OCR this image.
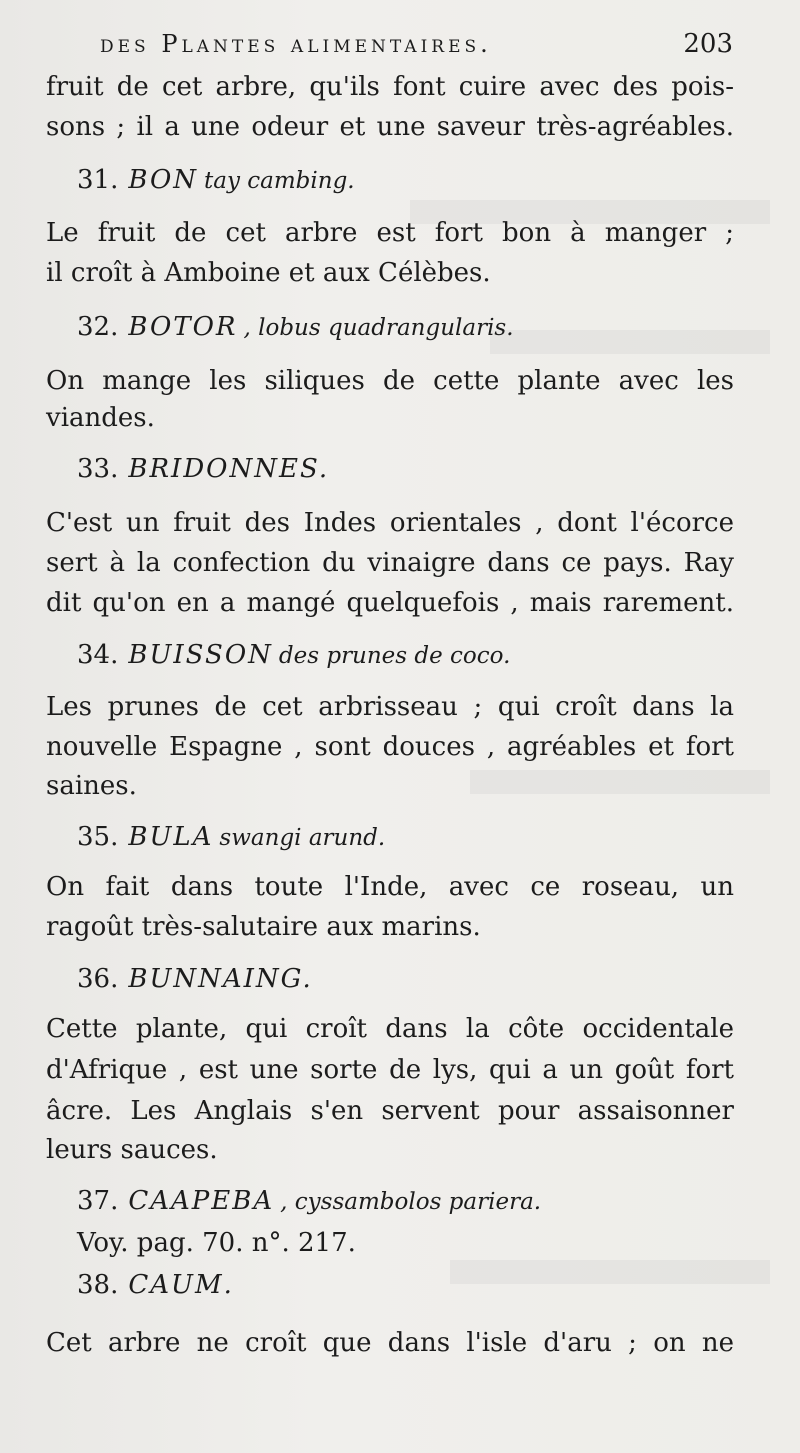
des Plantes alimentaires.	203
fruit de cet arbre, qu'ils font cuire avec des pois-
sons ; il a une odeur et une saveur très-agréables.
31. BON tay cambing.
Le fruit de cet arbre est fort bon à manger ;
il croît à Amboine et aux Célèbes.
32. BOTOR , lobus quadrangularis.
On mange les siliques de cette plante avec les
viandes.
33. BRIDONNES.
C'est un fruit des Indes orientales , dont l'écorce
sert à la confection du vinaigre dans ce pays. Ray
dit qu'on en a mangé quelquefois , mais rarement.
34. BUISSON des prunes de coco.
Les prunes de cet arbrisseau ; qui croît dans la
nouvelle Espagne , sont douces , agréables et fort
saines.
35. BULA swangi arund.
On fait dans toute l'Inde, avec ce roseau, un
ragoût très-salutaire aux marins.
36. BUNNAING.
Cette plante, qui croît dans la côte occidentale
d'Afrique , est une sorte de lys, qui a un goût fort
âcre. Les Anglais s'en servent pour assaisonner
leurs sauces.
37. CAAPEBA , cyssambolos pariera.
Voy. pag. 70. n°. 217.
38. CAUM.
Cet arbre ne croît que dans l'isle d'aru ; on ne
